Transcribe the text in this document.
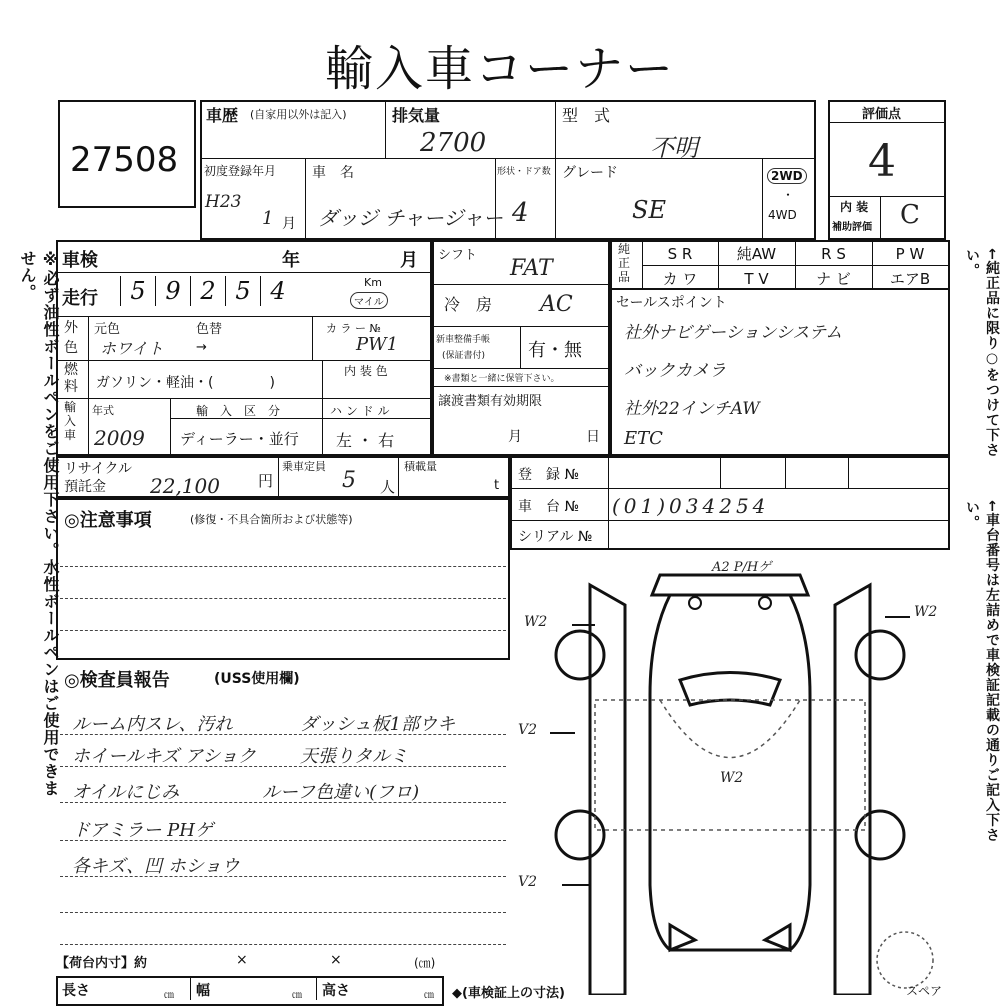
輸入車コーナー
※必ず油性ボールペンをご使用下さい。水性ボールペンはご使用できません。	←純正品に限り○をつけて下さい。
←車台番号は左詰めで車検証記載の通りご記入下さい。
27508
車歴 (自家用以外は記入)	排気量
2700
型　式
不明
初度登録年月
H23
1 月
車　名
ダッジ チャージャー
形状・ドア数
4
グレード
SE
2WD
・
4WD
評価点
4
内 装
補助評価 C
車検	年	月
走行	5 9 2 5 4	Km
マイル
外色
元色	色替
ホワイト →
カ ラ ー №
PW1
燃料	ガソリン・軽油・(　　　　)
内 装 色
輸入車
年式
2009
輸　入　区　分
ディーラー・並行
ハ ン ド ル
左 ・ 右
シフト
FAT
冷　房 AC
新車整備手帳
(保証書付) 有・無
※書類と一緒に保管下さい。
譲渡書類有効期限
月	日
純正品
S R	純AW	R S	P W
カ ワ	T V	ナ ビ	エアB
セールスポイント
社外ナビゲーションシステム
バックカメラ
社外22インチAW
ETC
リサイクル
預託金 22,100	円
乗車定員
5 人
積載量
t
登　録 №
車　台 № (01)034254
シリアル №
◎注意事項	(修復・不具合箇所および状態等)
◎検査員報告	(USS使用欄)
ルーム内スレ、汚れ	ダッシュ板1部ウキ
ホイールキズ アショク 天張りタルミ
オイルにじみ	ルーフ色違い(フロ)
ドアミラー PHゲ
各キズ、凹 ホショウ
A2 P/Hゲ
W2
W2
V2
W2
V2
スペア
【荷台内寸】約	×	×	(㎝)
長さ	㎝ 幅	㎝ 高さ	㎝ ◆(車検証上の寸法)
